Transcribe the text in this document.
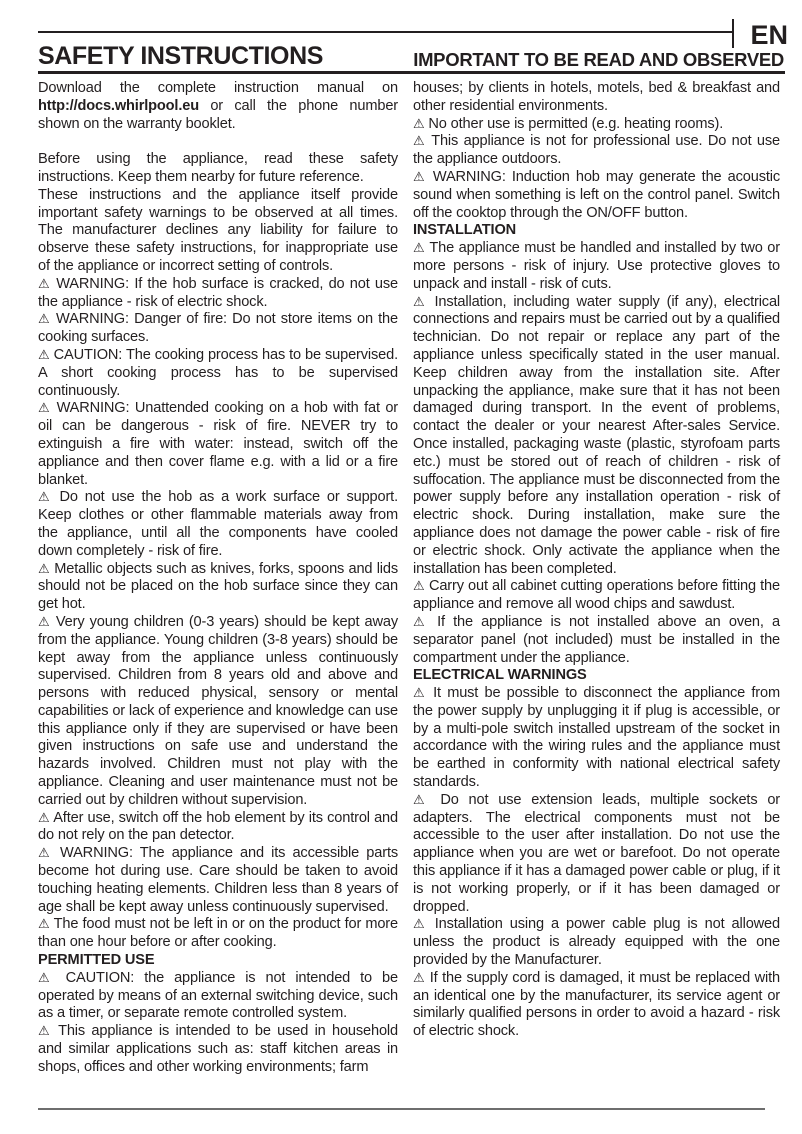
EN
SAFETY INSTRUCTIONS	IMPORTANT TO BE READ AND OBSERVED
Download the complete instruction manual on http://docs.whirlpool.eu or call the phone number shown on the warranty booklet.
Before using the appliance, read these safety instructions. Keep them nearby for future reference.
These instructions and the appliance itself provide important safety warnings to be observed at all times. The manufacturer declines any liability for failure to observe these safety instructions, for inappropriate use of the appliance or incorrect setting of controls.
⚠ WARNING: If the hob surface is cracked, do not use the appliance - risk of electric shock.
⚠ WARNING: Danger of fire: Do not store items on the cooking surfaces.
⚠ CAUTION: The cooking process has to be supervised. A short cooking process has to be supervised continuously.
⚠ WARNING: Unattended cooking on a hob with fat or oil can be dangerous - risk of fire. NEVER try to extinguish a fire with water: instead, switch off the appliance and then cover flame e.g. with a lid or a fire blanket.
⚠ Do not use the hob as a work surface or support. Keep clothes or other flammable materials away from the appliance, until all the components have cooled down completely - risk of fire.
⚠ Metallic objects such as knives, forks, spoons and lids should not be placed on the hob surface since they can get hot.
⚠ Very young children (0-3 years) should be kept away from the appliance. Young children (3-8 years) should be kept away from the appliance unless continuously supervised. Children from 8 years old and above and persons with reduced physical, sensory or mental capabilities or lack of experience and knowledge can use this appliance only if they are supervised or have been given instructions on safe use and understand the hazards involved. Children must not play with the appliance. Cleaning and user maintenance must not be carried out by children without supervision.
⚠ After use, switch off the hob element by its control and do not rely on the pan detector.
⚠ WARNING: The appliance and its accessible parts become hot during use. Care should be taken to avoid touching heating elements. Children less than 8 years of age shall be kept away unless continuously supervised.
⚠ The food must not be left in or on the product for more than one hour before or after cooking.
PERMITTED USE
⚠ CAUTION: the appliance is not intended to be operated by means of an external switching device, such as a timer, or separate remote controlled system.
⚠ This appliance is intended to be used in household and similar applications such as: staff kitchen areas in shops, offices and other working environments; farm
houses; by clients in hotels, motels, bed & breakfast and other residential environments.
⚠ No other use is permitted (e.g. heating rooms).
⚠ This appliance is not for professional use. Do not use the appliance outdoors.
⚠ WARNING: Induction hob may generate the acoustic sound when something is left on the control panel. Switch off the cooktop through the ON/OFF button.
INSTALLATION
⚠ The appliance must be handled and installed by two or more persons - risk of injury. Use protective gloves to unpack and install - risk of cuts.
⚠ Installation, including water supply (if any), electrical connections and repairs must be carried out by a qualified technician. Do not repair or replace any part of the appliance unless specifically stated in the user manual. Keep children away from the installation site. After unpacking the appliance, make sure that it has not been damaged during transport. In the event of problems, contact the dealer or your nearest After-sales Service. Once installed, packaging waste (plastic, styrofoam parts etc.) must be stored out of reach of children - risk of suffocation. The appliance must be disconnected from the power supply before any installation operation - risk of electric shock. During installation, make sure the appliance does not damage the power cable - risk of fire or electric shock. Only activate the appliance when the installation has been completed.
⚠ Carry out all cabinet cutting operations before fitting the appliance and remove all wood chips and sawdust.
⚠ If the appliance is not installed above an oven, a separator panel (not included) must be installed in the compartment under the appliance.
ELECTRICAL WARNINGS
⚠ It must be possible to disconnect the appliance from the power supply by unplugging it if plug is accessible, or by a multi-pole switch installed upstream of the socket in accordance with the wiring rules and the appliance must be earthed in conformity with national electrical safety standards.
⚠ Do not use extension leads, multiple sockets or adapters. The electrical components must not be accessible to the user after installation. Do not use the appliance when you are wet or barefoot. Do not operate this appliance if it has a damaged power cable or plug, if it is not working properly, or if it has been damaged or dropped.
⚠ Installation using a power cable plug is not allowed unless the product is already equipped with the one provided by the Manufacturer.
⚠ If the supply cord is damaged, it must be replaced with an identical one by the manufacturer, its service agent or similarly qualified persons in order to avoid a hazard - risk of electric shock.
